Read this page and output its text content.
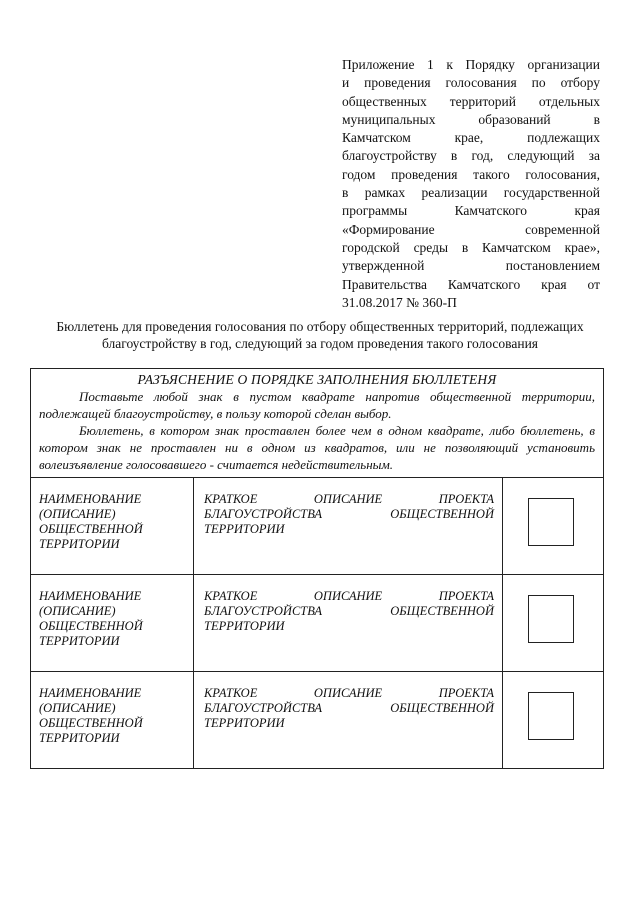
Приложение 1 к Порядку организации
и проведения голосования по отбору
общественных территорий отдельных
муниципальных образований в
Камчатском крае, подлежащих
благоустройству в год, следующий за
годом проведения такого голосования,
в рамках реализации государственной
программы Камчатского края
«Формирование современной
городской среды в Камчатском крае»,
утвержденной постановлением
Правительства Камчатского края от
31.08.2017 № 360-П
Бюллетень для проведения голосования по отбору общественных территорий, подлежащих благоустройству в год, следующий за годом проведения такого голосования
РАЗЪЯСНЕНИЕ О ПОРЯДКЕ ЗАПОЛНЕНИЯ БЮЛЛЕТЕНЯ

Поставьте любой знак в пустом квадрате напротив общественной территории, подлежащей благоустройству, в пользу которой сделан выбор.

Бюллетень, в котором знак проставлен более чем в одном квадрате, либо бюллетень, в котором знак не проставлен ни в одном из квадратов, или не позволяющий установить волеизъявление голосовавшего - считается недействительным.		

НАИМЕНОВАНИЕ (ОПИСАНИЕ) ОБЩЕСТВЕННОЙ ТЕРРИТОРИИ	КРАТКОЕ ОПИСАНИЕ ПРОЕКТА БЛАГОУСТРОЙСТВА ОБЩЕСТВЕННОЙ
ТЕРРИТОРИИ	

НАИМЕНОВАНИЕ (ОПИСАНИЕ) ОБЩЕСТВЕННОЙ ТЕРРИТОРИИ	КРАТКОЕ ОПИСАНИЕ ПРОЕКТА БЛАГОУСТРОЙСТВА ОБЩЕСТВЕННОЙ
ТЕРРИТОРИИ	

НАИМЕНОВАНИЕ (ОПИСАНИЕ) ОБЩЕСТВЕННОЙ ТЕРРИТОРИИ	КРАТКОЕ ОПИСАНИЕ ПРОЕКТА БЛАГОУСТРОЙСТВА ОБЩЕСТВЕННОЙ
ТЕРРИТОРИИ	
